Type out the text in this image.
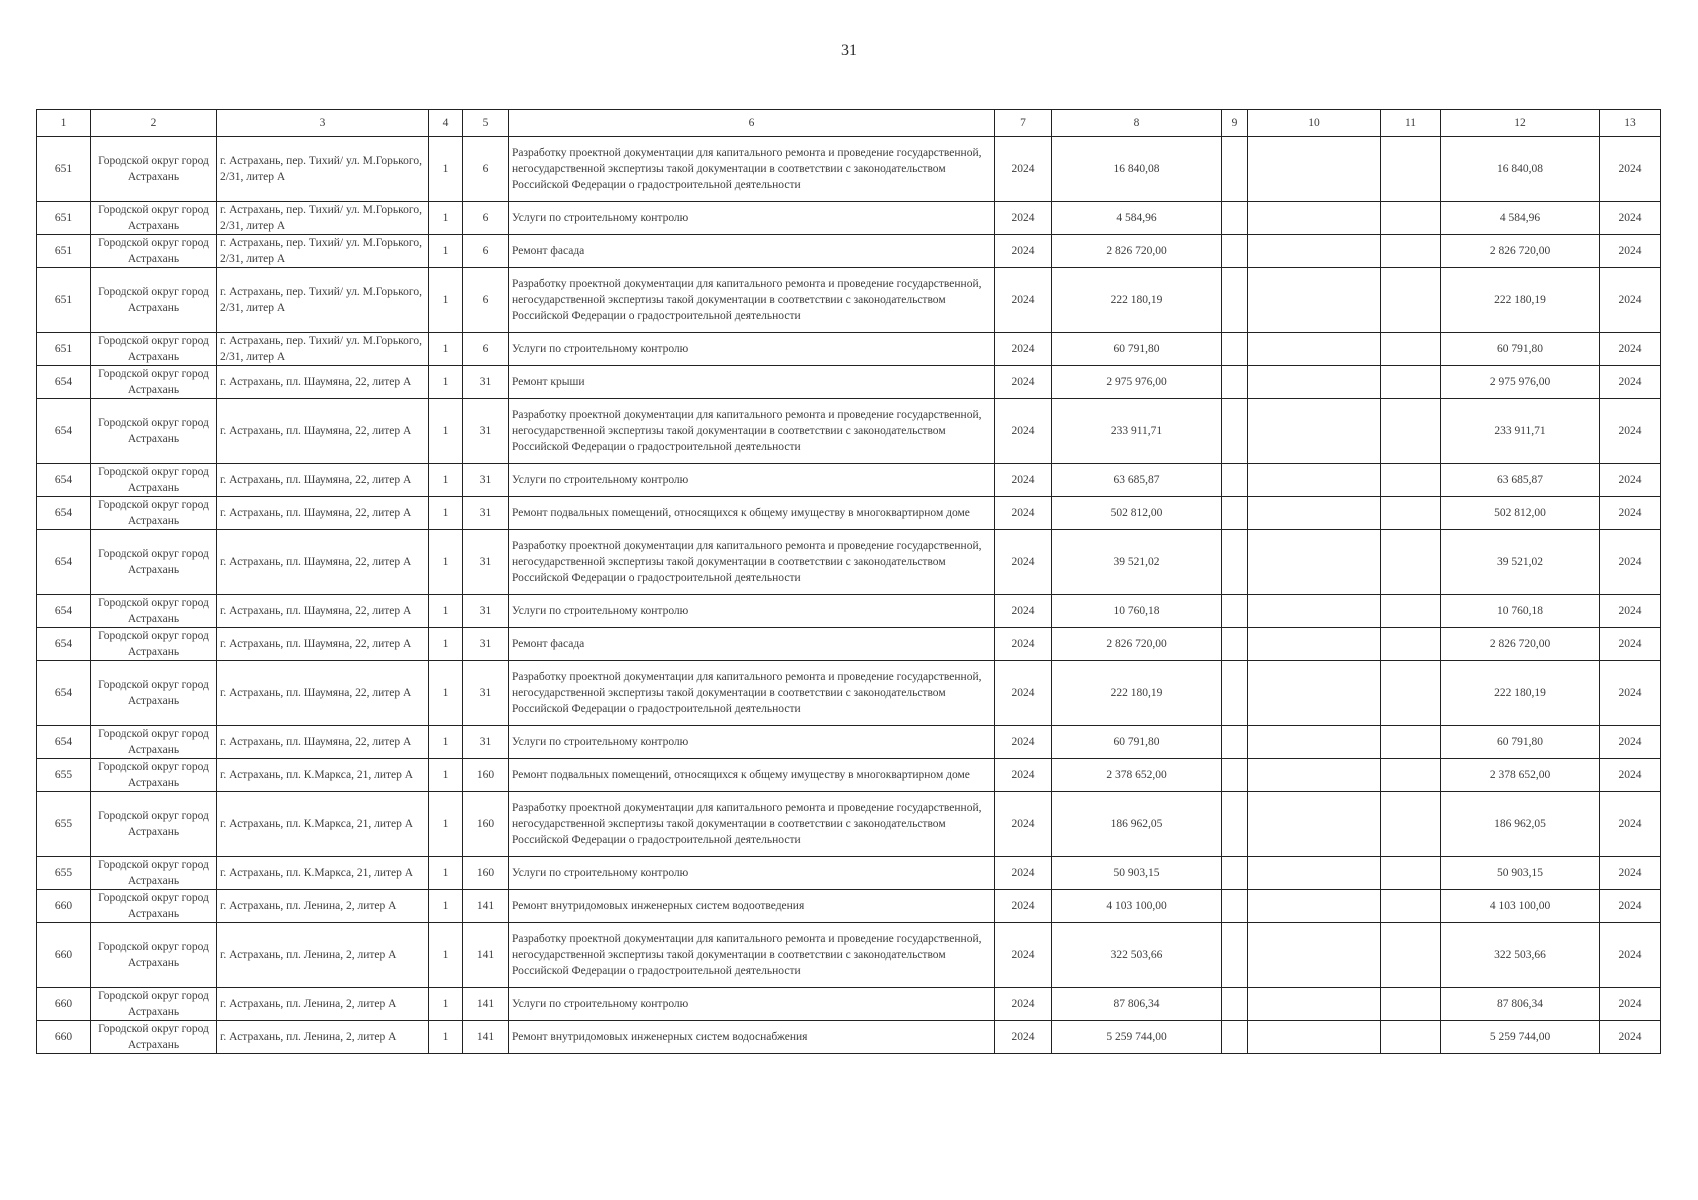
31
1	2	3	4	5	6	7	8	9	10	11	12	13
651	Городской округ город Астрахань	г. Астрахань, пер. Тихий/ ул. М.Горького, 2/31, литер А	1	6	Разработку проектной документации для капитального ремонта и проведение государственной, негосударственной экспертизы такой документации в соответствии с законодательством Российской Федерации о градостроительной деятельности	2024	16 840,08				16 840,08	2024
651	Городской округ город Астрахань	г. Астрахань, пер. Тихий/ ул. М.Горького, 2/31, литер А	1	6	Услуги по строительному контролю	2024	4 584,96				4 584,96	2024
651	Городской округ город Астрахань	г. Астрахань, пер. Тихий/ ул. М.Горького, 2/31, литер А	1	6	Ремонт фасада	2024	2 826 720,00				2 826 720,00	2024
651	Городской округ город Астрахань	г. Астрахань, пер. Тихий/ ул. М.Горького, 2/31, литер А	1	6	Разработку проектной документации для капитального ремонта и проведение государственной, негосударственной экспертизы такой документации в соответствии с законодательством Российской Федерации о градостроительной деятельности	2024	222 180,19				222 180,19	2024
651	Городской округ город Астрахань	г. Астрахань, пер. Тихий/ ул. М.Горького, 2/31, литер А	1	6	Услуги по строительному контролю	2024	60 791,80				60 791,80	2024
654	Городской округ город Астрахань	г. Астрахань, пл. Шаумяна, 22, литер А	1	31	Ремонт крыши	2024	2 975 976,00				2 975 976,00	2024
654	Городской округ город Астрахань	г. Астрахань, пл. Шаумяна, 22, литер А	1	31	Разработку проектной документации для капитального ремонта и проведение государственной, негосударственной экспертизы такой документации в соответствии с законодательством Российской Федерации о градостроительной деятельности	2024	233 911,71				233 911,71	2024
654	Городской округ город Астрахань	г. Астрахань, пл. Шаумяна, 22, литер А	1	31	Услуги по строительному контролю	2024	63 685,87				63 685,87	2024
654	Городской округ город Астрахань	г. Астрахань, пл. Шаумяна, 22, литер А	1	31	Ремонт подвальных помещений, относящихся к общему имуществу в многоквартирном доме	2024	502 812,00				502 812,00	2024
654	Городской округ город Астрахань	г. Астрахань, пл. Шаумяна, 22, литер А	1	31	Разработку проектной документации для капитального ремонта и проведение государственной, негосударственной экспертизы такой документации в соответствии с законодательством Российской Федерации о градостроительной деятельности	2024	39 521,02				39 521,02	2024
654	Городской округ город Астрахань	г. Астрахань, пл. Шаумяна, 22, литер А	1	31	Услуги по строительному контролю	2024	10 760,18				10 760,18	2024
654	Городской округ город Астрахань	г. Астрахань, пл. Шаумяна, 22, литер А	1	31	Ремонт фасада	2024	2 826 720,00				2 826 720,00	2024
654	Городской округ город Астрахань	г. Астрахань, пл. Шаумяна, 22, литер А	1	31	Разработку проектной документации для капитального ремонта и проведение государственной, негосударственной экспертизы такой документации в соответствии с законодательством Российской Федерации о градостроительной деятельности	2024	222 180,19				222 180,19	2024
654	Городской округ город Астрахань	г. Астрахань, пл. Шаумяна, 22, литер А	1	31	Услуги по строительному контролю	2024	60 791,80				60 791,80	2024
655	Городской округ город Астрахань	г. Астрахань, пл. К.Маркса, 21, литер А	1	160	Ремонт подвальных помещений, относящихся к общему имуществу в многоквартирном доме	2024	2 378 652,00				2 378 652,00	2024
655	Городской округ город Астрахань	г. Астрахань, пл. К.Маркса, 21, литер А	1	160	Разработку проектной документации для капитального ремонта и проведение государственной, негосударственной экспертизы такой документации в соответствии с законодательством Российской Федерации о градостроительной деятельности	2024	186 962,05				186 962,05	2024
655	Городской округ город Астрахань	г. Астрахань, пл. К.Маркса, 21, литер А	1	160	Услуги по строительному контролю	2024	50 903,15				50 903,15	2024
660	Городской округ город Астрахань	г. Астрахань, пл. Ленина, 2, литер А	1	141	Ремонт внутридомовых инженерных систем водоотведения	2024	4 103 100,00				4 103 100,00	2024
660	Городской округ город Астрахань	г. Астрахань, пл. Ленина, 2, литер А	1	141	Разработку проектной документации для капитального ремонта и проведение государственной, негосударственной экспертизы такой документации в соответствии с законодательством Российской Федерации о градостроительной деятельности	2024	322 503,66				322 503,66	2024
660	Городской округ город Астрахань	г. Астрахань, пл. Ленина, 2, литер А	1	141	Услуги по строительному контролю	2024	87 806,34				87 806,34	2024
660	Городской округ город Астрахань	г. Астрахань, пл. Ленина, 2, литер А	1	141	Ремонт внутридомовых инженерных систем водоснабжения	2024	5 259 744,00				5 259 744,00	2024
